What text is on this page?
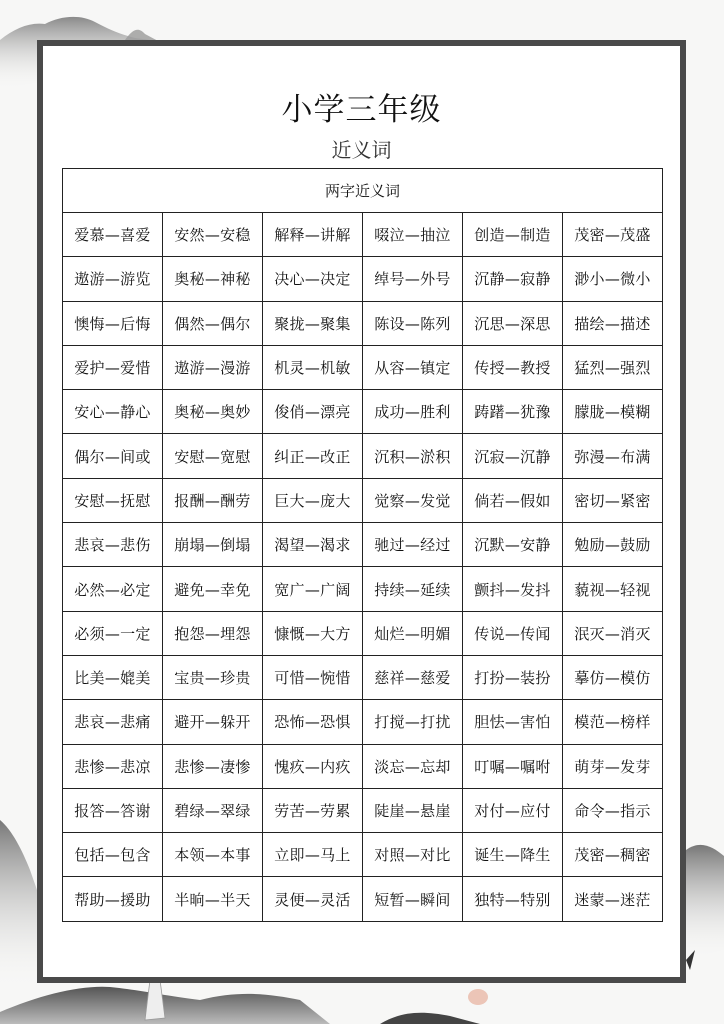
小学三年级
近义词
两字近义词					
爱慕—喜爱	安然—安稳	解释—讲解	啜泣—抽泣	创造—制造	茂密—茂盛
遨游—游览	奥秘—神秘	决心—决定	绰号—外号	沉静—寂静	渺小—微小
懊悔—后悔	偶然—偶尔	聚拢—聚集	陈设—陈列	沉思—深思	描绘—描述
爱护—爱惜	遨游—漫游	机灵—机敏	从容—镇定	传授—教授	猛烈—强烈
安心—静心	奥秘—奥妙	俊俏—漂亮	成功—胜利	踌躇—犹豫	朦胧—模糊
偶尔—间或	安慰—宽慰	纠正—改正	沉积—淤积	沉寂—沉静	弥漫—布满
安慰—抚慰	报酬—酬劳	巨大—庞大	觉察—发觉	倘若—假如	密切—紧密
悲哀—悲伤	崩塌—倒塌	渴望—渴求	驰过—经过	沉默—安静	勉励—鼓励
必然—必定	避免—幸免	宽广—广阔	持续—延续	颤抖—发抖	藐视—轻视
必须—一定	抱怨—埋怨	慷慨—大方	灿烂—明媚	传说—传闻	泯灭—消灭
比美—媲美	宝贵—珍贵	可惜—惋惜	慈祥—慈爱	打扮—装扮	摹仿—模仿
悲哀—悲痛	避开—躲开	恐怖—恐惧	打搅—打扰	胆怯—害怕	模范—榜样
悲惨—悲凉	悲惨—凄惨	愧疚—内疚	淡忘—忘却	叮嘱—嘱咐	萌芽—发芽
报答—答谢	碧绿—翠绿	劳苦—劳累	陡崖—悬崖	对付—应付	命令—指示
包括—包含	本领—本事	立即—马上	对照—对比	诞生—降生	茂密—稠密
帮助—援助	半晌—半天	灵便—灵活	短暂—瞬间	独特—特别	迷蒙—迷茫
